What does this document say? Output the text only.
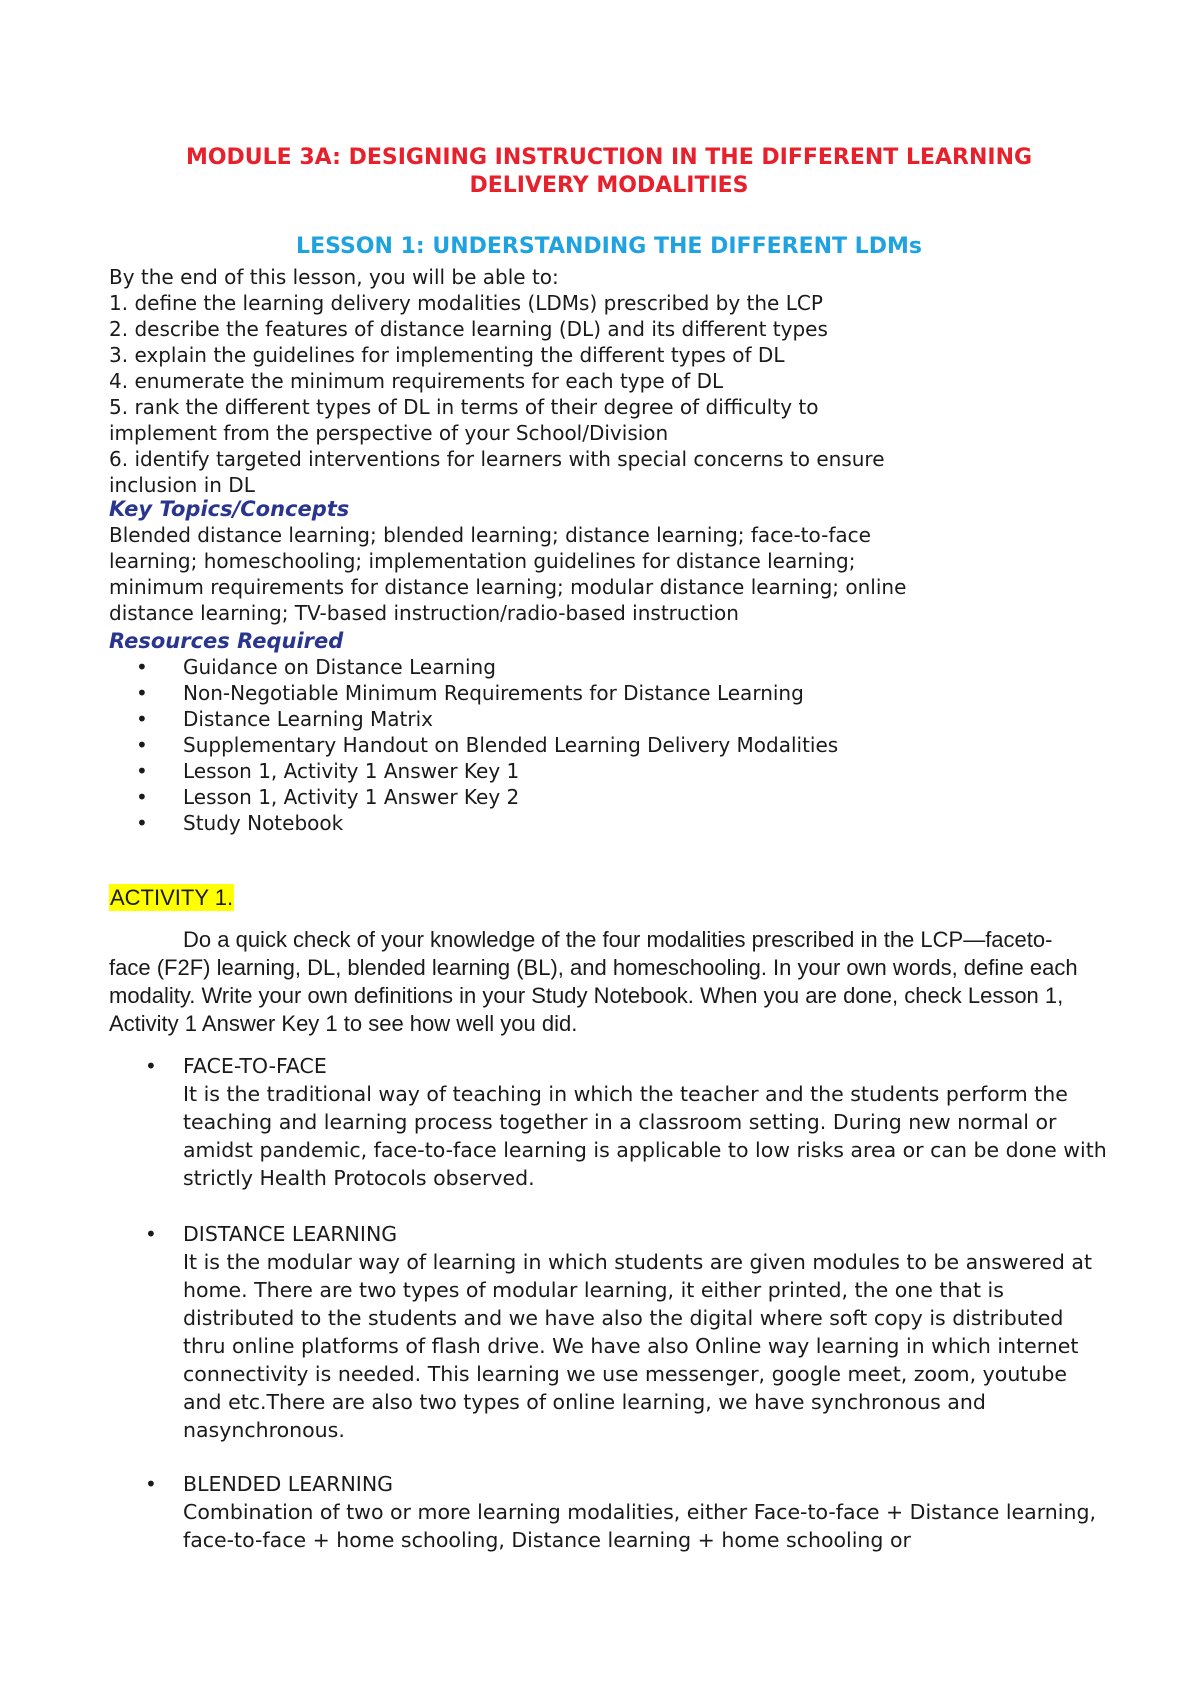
MODULE 3A: DESIGNING INSTRUCTION IN THE DIFFERENT LEARNING
DELIVERY MODALITIES
LESSON 1: UNDERSTANDING THE DIFFERENT LDMs

By the end of this lesson, you will be able to:

1. define the learning delivery modalities (LDMs) prescribed by the LCP

2. describe the features of distance learning (DL) and its different types

3. explain the guidelines for implementing the different types of DL

4. enumerate the minimum requirements for each type of DL

5. rank the different types of DL in terms of their degree of difficulty to implement from the perspective of your School/Division

6. identify targeted interventions for learners with special concerns to ensure inclusion in DL

Key Topics/Concepts

Blended distance learning; blended learning; distance learning; face-to-face learning; homeschooling; implementation guidelines for distance learning; minimum requirements for distance learning; modular distance learning; online distance learning; TV-based instruction/radio-based instruction

Resources Required

• Guidance on Distance Learning
• Non-Negotiable Minimum Requirements for Distance Learning
• Distance Learning Matrix
• Supplementary Handout on Blended Learning Delivery Modalities
• Lesson 1, Activity 1 Answer Key 1
• Lesson 1, Activity 1 Answer Key 2
• Study Notebook
ACTIVITY 1.

Do a quick check of your knowledge of the four modalities prescribed in the LCP—faceto- face (F2F) learning, DL, blended learning (BL), and homeschooling. In your own words, define each modality. Write your own definitions in your Study Notebook. When you are done, check Lesson 1, Activity 1 Answer Key 1 to see how well you did.

•	FACE-TO-FACE
It is the traditional way of teaching in which the teacher and the students perform the teaching and learning process together in a classroom setting. During new normal or amidst pandemic, face-to-face learning is applicable to low risks area or can be done with strictly Health Protocols observed.
•	DISTANCE LEARNING
It is the modular way of learning in which students are given modules to be answered at home. There are two types of modular learning, it either printed, the one that is distributed to the students and we have also the digital where soft copy is distributed thru online platforms of flash drive. We have also Online way learning in which internet connectivity is needed. This learning we use messenger, google meet, zoom, youtube and etc.There are also two types of online learning, we have synchronous and nasynchronous.
•	BLENDED LEARNING
Combination of two or more learning modalities, either Face-to-face + Distance learning, face-to-face + home schooling, Distance learning + home schooling or
